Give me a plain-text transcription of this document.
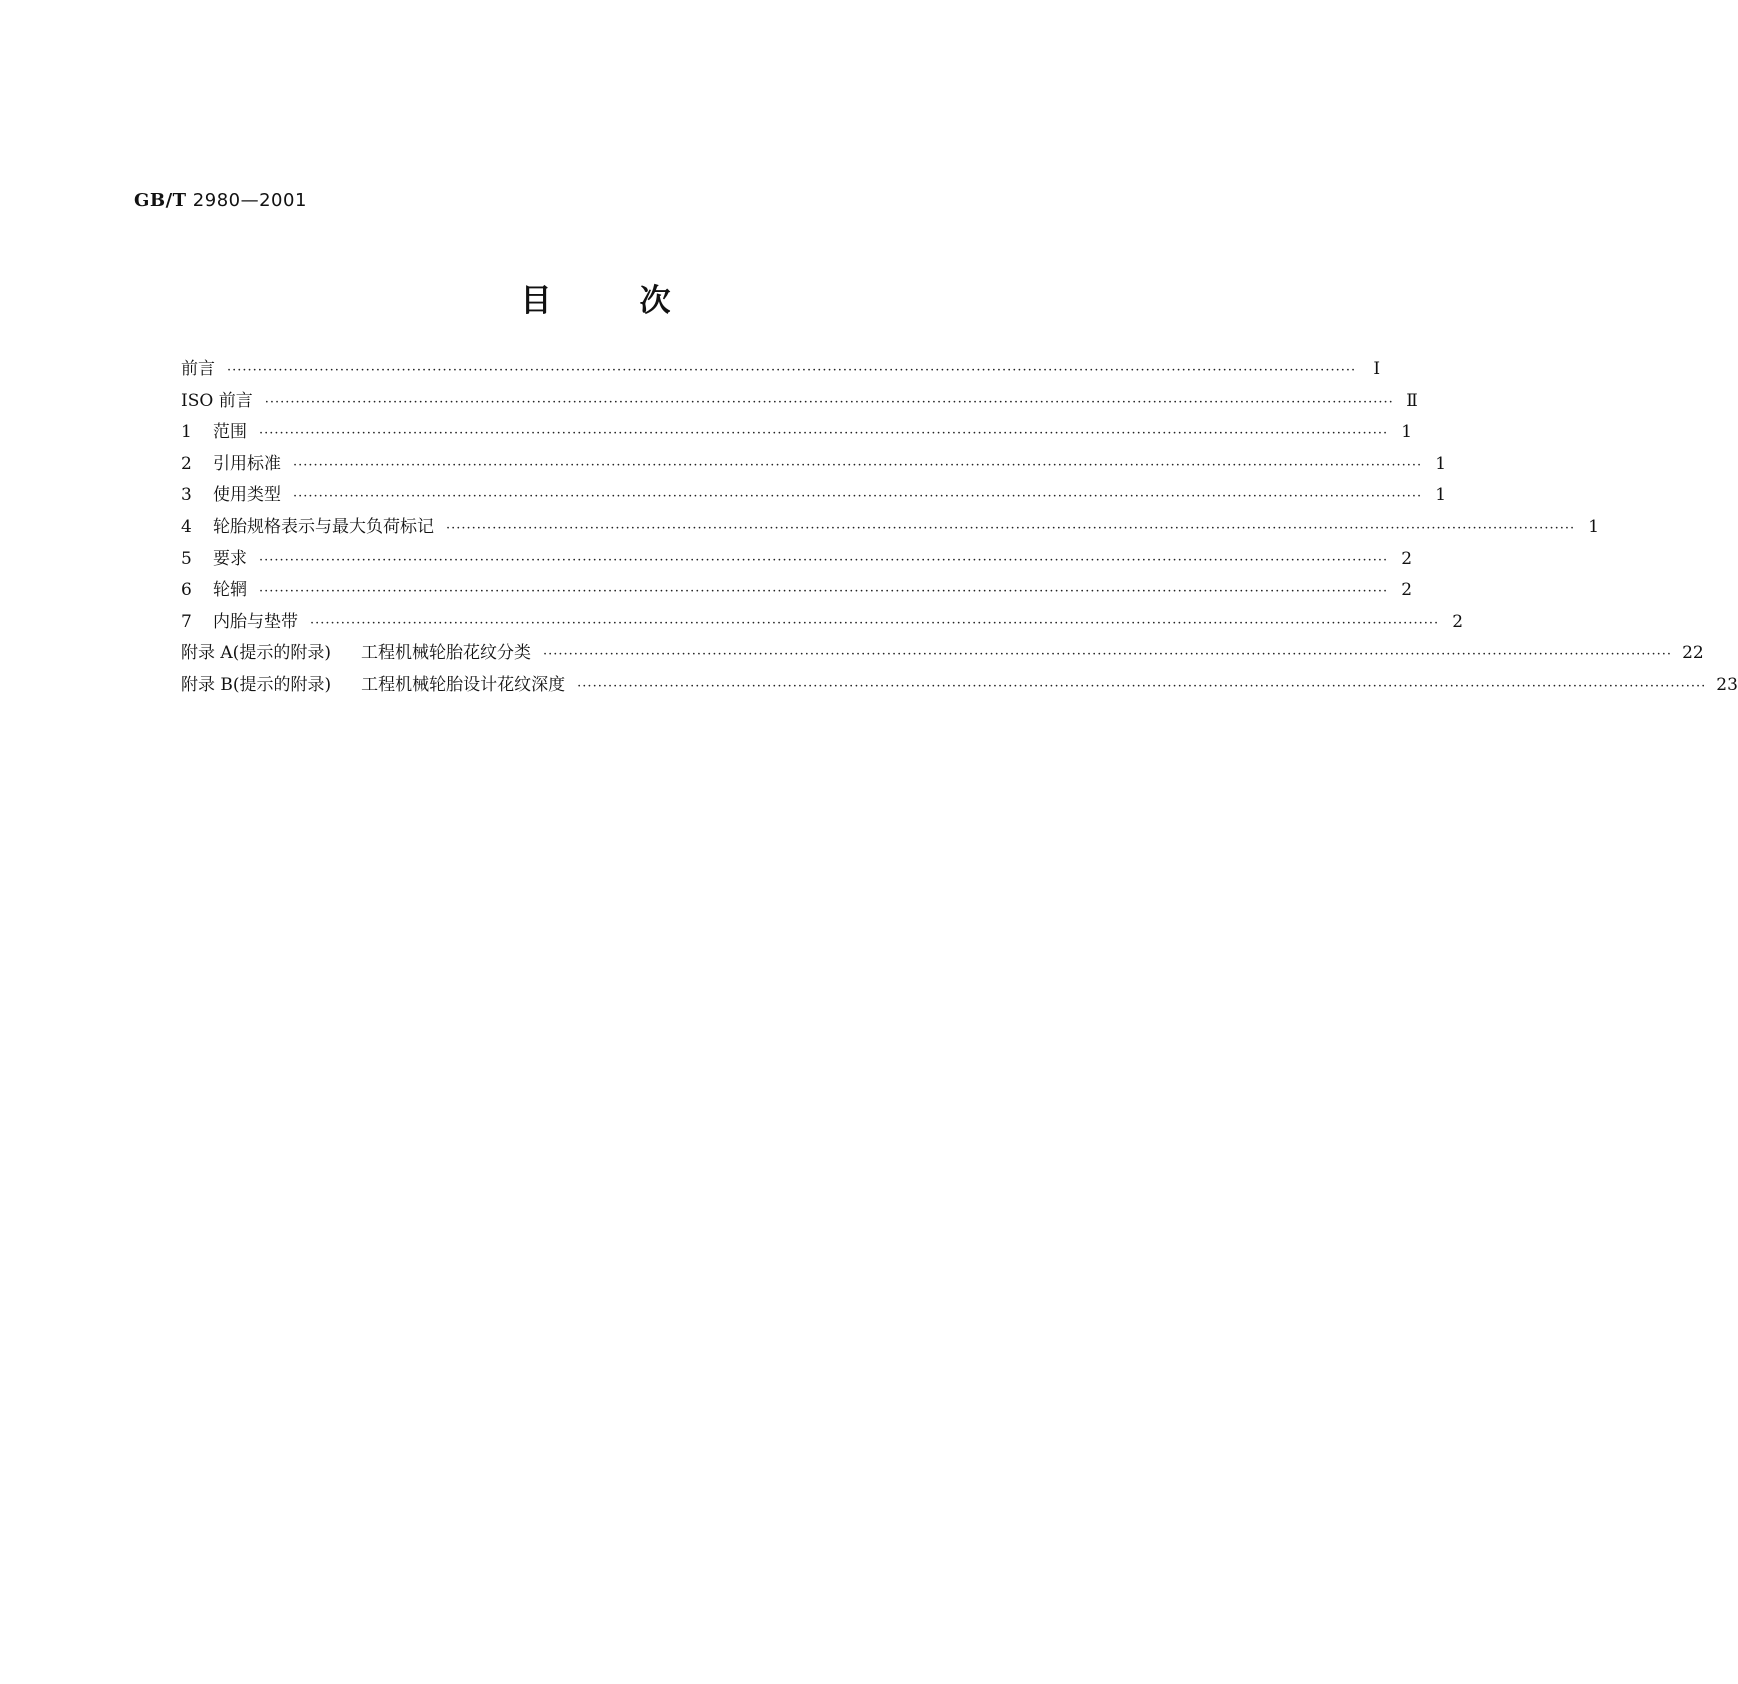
GB/T 2980—2001
目次
前言 ····························································································································································································································	Ⅰ
ISO 前言 ···························································································································································································································· Ⅱ
1 范围 ···························································································································································································································· 1
2 引用标准 ···························································································································································································································· 1
3 使用类型 ···························································································································································································································· 1
4 轮胎规格表示与最大负荷标记 ···························································································································································································································· 1
5 要求 ···························································································································································································································· 2
6 轮辋 ···························································································································································································································· 2
7 内胎与垫带 ···························································································································································································································· 2
附录 A(提示的附录) 工程机械轮胎花纹分类 ···························································································································································································································· 22
附录 B(提示的附录) 工程机械轮胎设计花纹深度 ···························································································································································································································· 23
